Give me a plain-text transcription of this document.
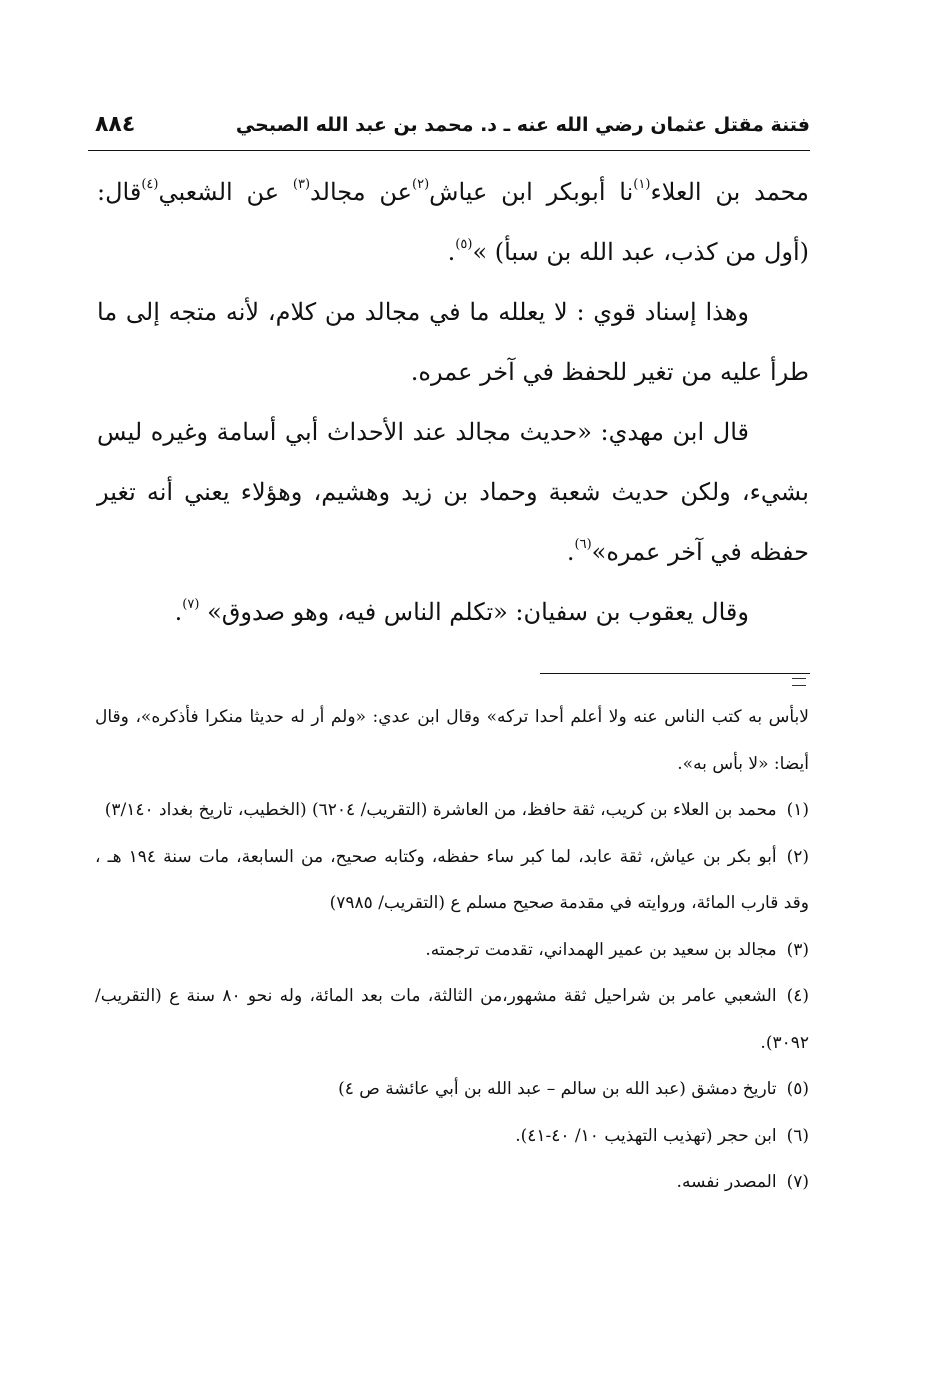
فتنة مقتل عثمان رضي الله عنه ـ د. محمد بن عبد الله الصبحي
٨٨٤

محمد بن العلاء$^{(١)}$نا أبوبكر ابن عياش$^{(٢)}$عن مجالد$^{(٣)}$ عن الشعبي$^{(٤)}$قال: (أول من كذب، عبد الله بن سبأ) »$^{(٥)}$.

وهذا إسناد قوي : لا يعلله ما في مجالد من كلام، لأنه متجه إلى ما طرأ عليه من تغير للحفظ في آخر عمره.

قال ابن مهدي: «حديث مجالد عند الأحداث أبي أسامة وغيره ليس بشيء، ولكن حديث شعبة وحماد بن زيد وهشيم، وهؤلاء يعني أنه تغير حفظه في آخر عمره»$^{(٦)}$.

وقال يعقوب بن سفيان: «تكلم الناس فيه، وهو صدوق» $^{(٧)}$.

لابأس به كتب الناس عنه ولا أعلم أحدا تركه» وقال ابن عدي: «ولم أر له حديثا منكرا فأذكره»، وقال أيضا: «لا بأس به».

(١)محمد بن العلاء بن كريب، ثقة حافظ، من العاشرة (التقريب/ ٦٢٠٤) (الخطيب، تاريخ بغداد ٣/١٤٠)

(٢)أبو بكر بن عياش، ثقة عابد، لما كبر ساء حفظه، وكتابه صحيح، من السابعة، مات سنة ١٩٤ هـ ، وقد قارب المائة، وروايته في مقدمة صحيح مسلم ع (التقريب/ ٧٩٨٥)

(٣)مجالد بن سعيد بن عمير الهمداني، تقدمت ترجمته.

(٤)الشعبي عامر بن شراحيل ثقة مشهور،من الثالثة، مات بعد المائة، وله نحو ٨٠ سنة ع (التقريب/ ٣٠٩٢).

(٥)تاريخ دمشق (عبد الله بن سالم – عبد الله بن أبي عائشة ص ٤)

(٦)ابن حجر (تهذيب التهذيب ١٠/ ٤٠-٤١).

(٧)المصدر نفسه.
